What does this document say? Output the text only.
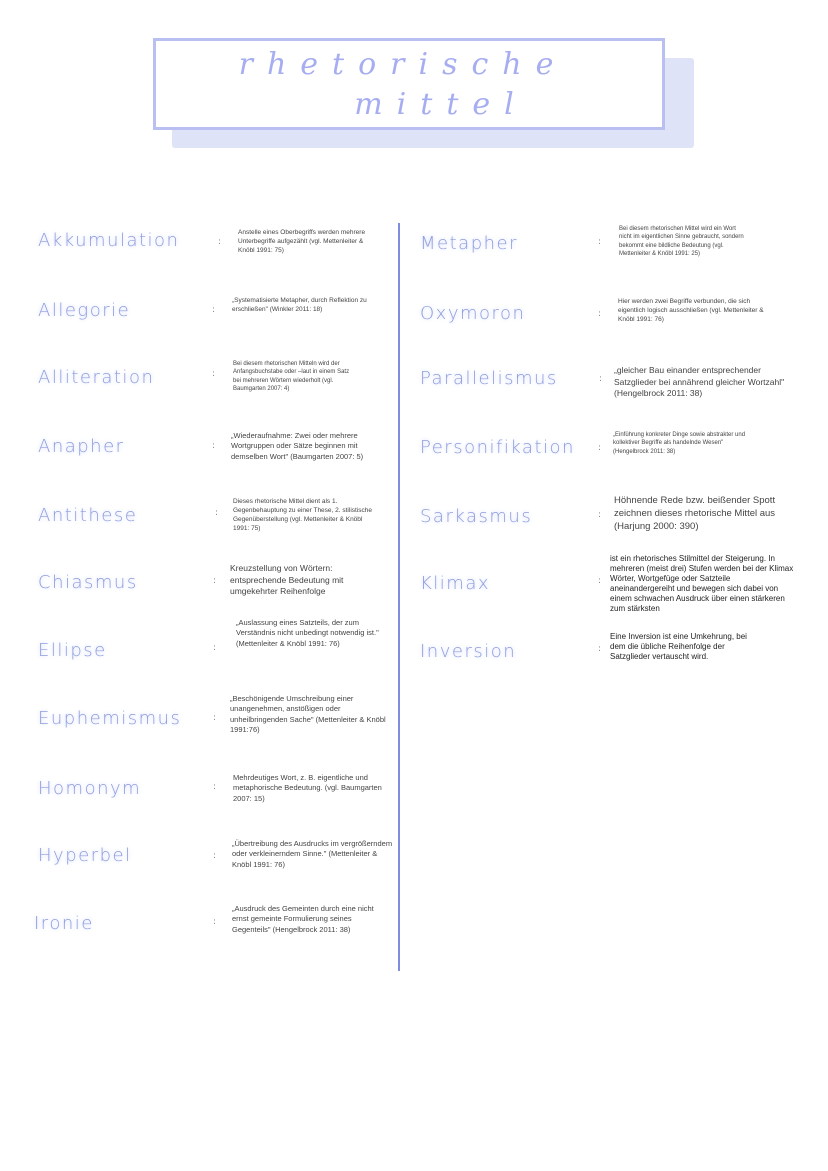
rhetorische
mittel
Akkumulation	:
Anstelle eines Oberbegriffs werden mehrere Unterbegriffe aufgezählt (vgl. Mettenleiter & Knöbl 1991: 75)
Allegorie	:
„Systematisierte Metapher, durch Reflektion zu erschließen" (Winkler 2011: 18)
Alliteration	:
Bei diesem rhetorischen Mitteln wird der Anfangsbuchstabe oder –laut in einem Satz bei mehreren Wörtern wiederholt (vgl. Baumgarten 2007: 4)
Anapher	:
„Wiederaufnahme: Zwei oder mehrere Wortgruppen oder Sätze beginnen mit demselben Wort" (Baumgarten 2007: 5)
Antithese	:
Dieses rhetorische Mittel dient als 1. Gegenbehauptung zu einer These, 2. stilistische Gegenüberstellung (vgl. Mettenleiter & Knöbl 1991: 75)
Chiasmus	:
Kreuzstellung von Wörtern: entsprechende Bedeutung mit umgekehrter Reihenfolge
Ellipse	:
„Auslassung eines Satzteils, der zum Verständnis nicht unbedingt notwendig ist." (Mettenleiter & Knöbl 1991: 76)
Euphemismus	:
„Beschönigende Umschreibung einer unangenehmen, anstößigen oder unheilbringenden Sache" (Mettenleiter & Knöbl 1991:76)
Homonym	:
Mehrdeutiges Wort, z. B. eigentliche und metaphorische Bedeutung. (vgl. Baumgarten 2007: 15)
Hyperbel	:
„Übertreibung des Ausdrucks im vergrößerndem oder verkleinerndem Sinne." (Mettenleiter & Knöbl 1991: 76)
Ironie	:
„Ausdruck des Gemeinten durch eine nicht ernst gemeinte Formulierung seines Gegenteils" (Hengelbrock 2011: 38)
Metapher	:
Bei diesem rhetorischen Mittel wird ein Wort nicht im eigentlichen Sinne gebraucht, sondern bekommt eine bildliche Bedeutung (vgl. Mettenleiter & Knöbl 1991: 25)
Oxymoron	:
Hier werden zwei Begriffe verbunden, die sich eigentlich logisch ausschließen (vgl. Mettenleiter & Knöbl 1991: 76)
Parallelismus	:
„gleicher Bau einander entsprechender Satzglieder bei annährend gleicher Wortzahl" (Hengelbrock 2011: 38)
Personifikation	:
„Einführung konkreter Dinge sowie abstrakter und kollektiver Begriffe als handelnde Wesen" (Hengelbrock 2011: 38)
Sarkasmus	:
Höhnende Rede bzw. beißender Spott zeichnen dieses rhetorische Mittel aus (Harjung 2000: 390)
Klimax	:
ist ein rhetorisches Stilmittel der Steigerung. In mehreren (meist drei) Stufen werden bei der Klimax Wörter, Wortgefüge oder Satzteile aneinandergereiht und bewegen sich dabei von einem schwachen Ausdruck über einen stärkeren zum stärksten
Inversion	:
Eine Inversion ist eine Umkehrung, bei dem die übliche Reihenfolge der Satzglieder vertauscht wird.
